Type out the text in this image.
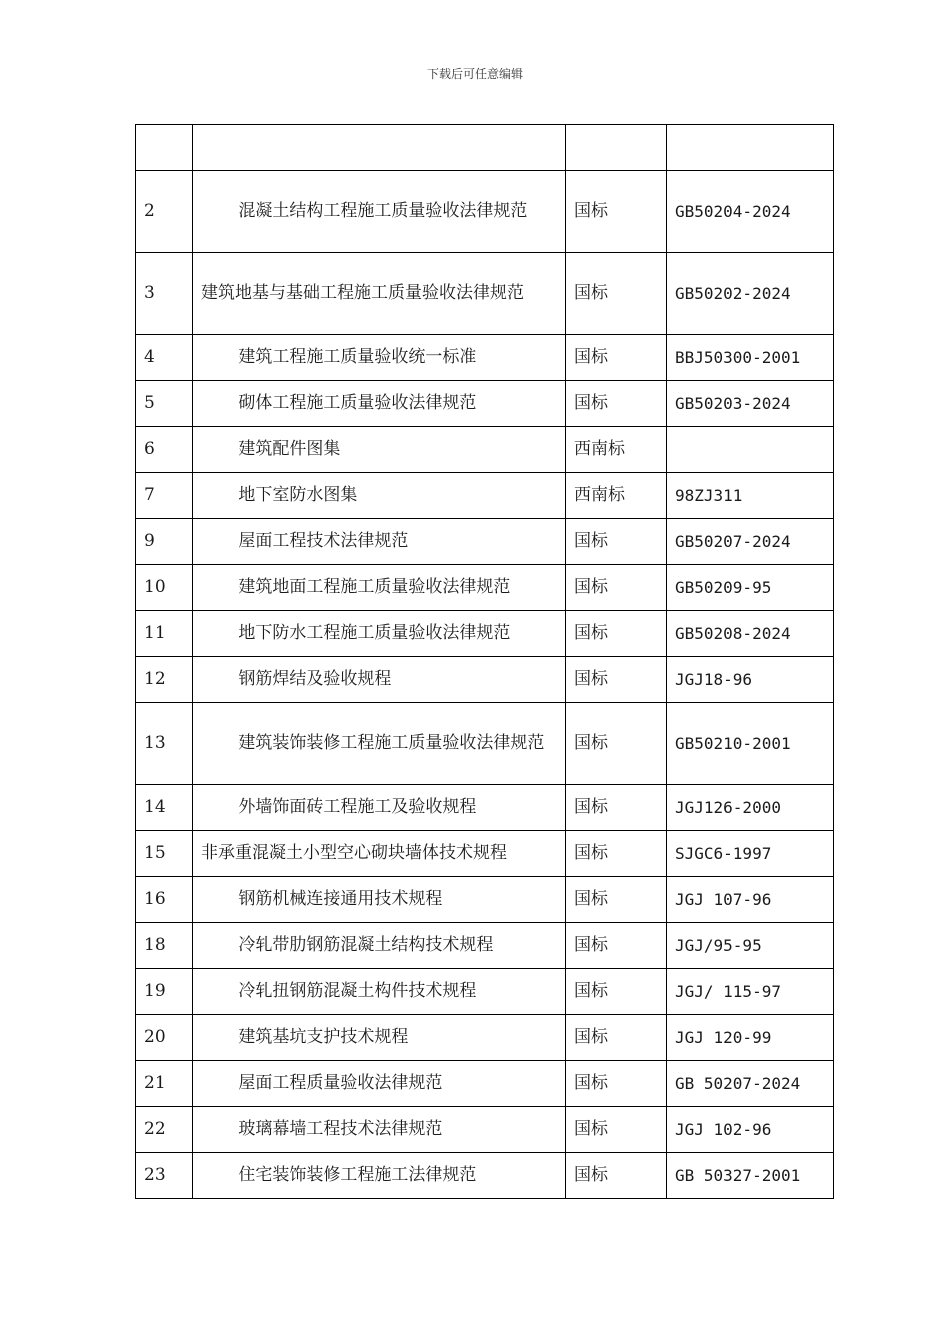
下载后可任意编辑

2	混凝土结构工程施工质量验收法律规范	国标	GB50204-2024
3	建筑地基与基础工程施工质量验收法律规范	国标	GB50202-2024
4	建筑工程施工质量验收统一标准	国标	BBJ50300-2001
5	砌体工程施工质量验收法律规范	国标	GB50203-2024
6	建筑配件图集	西南标	
7	地下室防水图集	西南标	98ZJ311
9	屋面工程技术法律规范	国标	GB50207-2024
10	建筑地面工程施工质量验收法律规范	国标	GB50209-95
11	地下防水工程施工质量验收法律规范	国标	GB50208-2024
12	钢筋焊结及验收规程	国标	JGJ18-96
13	建筑装饰装修工程施工质量验收法律规范	国标	GB50210-2001
14	外墙饰面砖工程施工及验收规程	国标	JGJ126-2000
15	非承重混凝土小型空心砌块墙体技术规程	国标	SJGC6-1997
16	钢筋机械连接通用技术规程	国标	JGJ 107-96
18	冷轧带肋钢筋混凝土结构技术规程	国标	JGJ/95-95
19	冷轧扭钢筋混凝土构件技术规程	国标	JGJ/ 115-97
20	建筑基坑支护技术规程	国标	JGJ 120-99
21	屋面工程质量验收法律规范	国标	GB 50207-2024
22	玻璃幕墙工程技术法律规范	国标	JGJ 102-96
23	住宅装饰装修工程施工法律规范	国标	GB 50327-2001
